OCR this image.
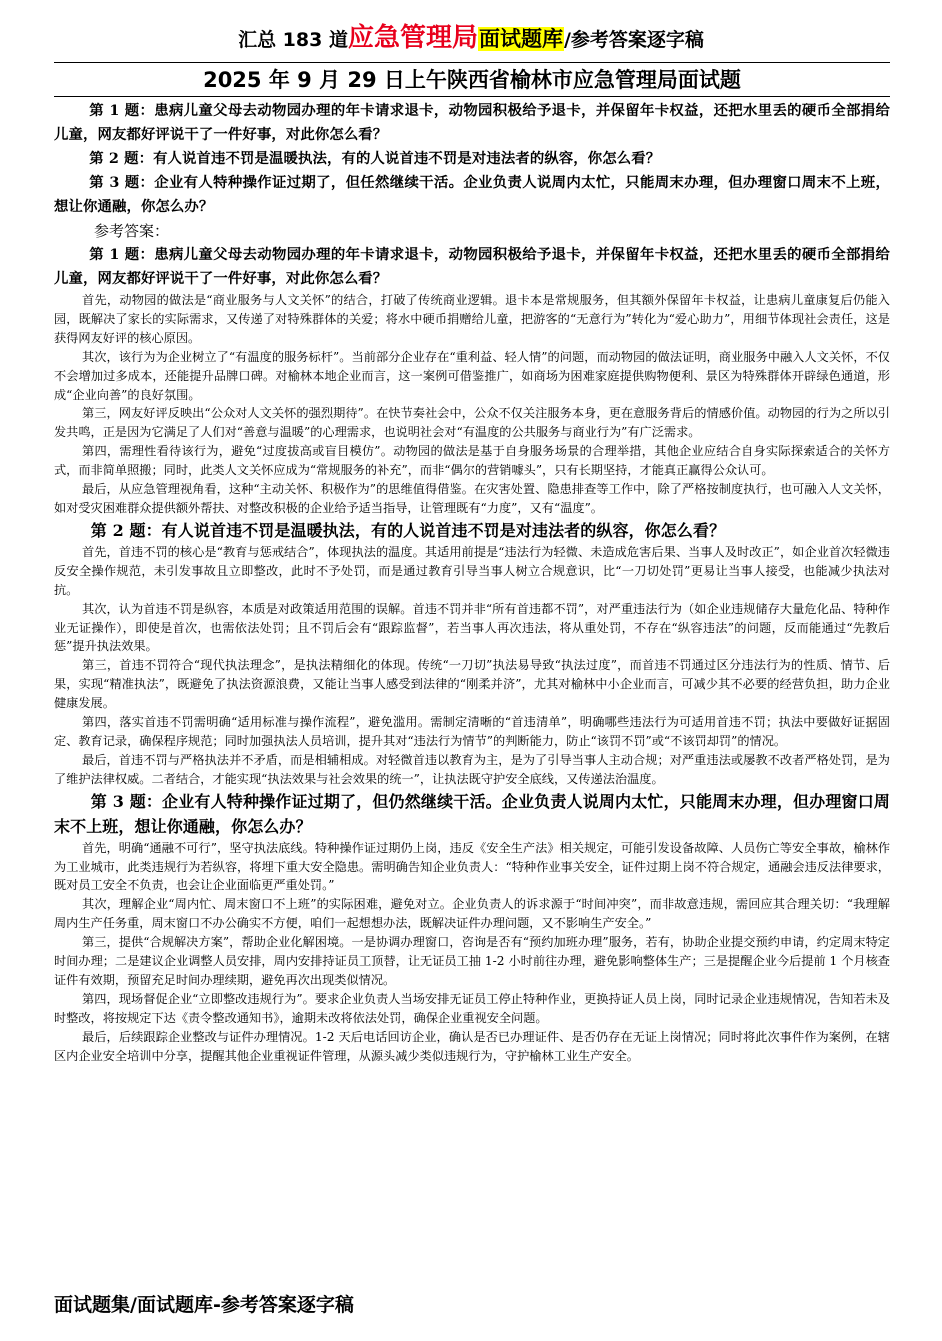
汇总 183 道应急管理局面试题库/参考答案逐字稿
2025 年 9 月 29 日上午陕西省榆林市应急管理局面试题

第 1 题：患病儿童父母去动物园办理的年卡请求退卡，动物园积极给予退卡，并保留年卡权益，还把水里丢的硬币全部捐给儿童，网友都好评说干了一件好事，对此你怎么看？

第 2 题：有人说首违不罚是温暖执法，有的人说首违不罚是对违法者的纵容，你怎么看？

第 3 题：企业有人特种操作证过期了，但任然继续干活。企业负责人说周内太忙，只能周末办理，但办理窗口周末不上班，想让你通融，你怎么办？

参考答案：

第 1 题：患病儿童父母去动物园办理的年卡请求退卡，动物园积极给予退卡，并保留年卡权益，还把水里丢的硬币全部捐给儿童，网友都好评说干了一件好事，对此你怎么看？

首先，动物园的做法是“商业服务与人文关怀”的结合，打破了传统商业逻辑。退卡本是常规服务，但其额外保留年卡权益，让患病儿童康复后仍能入园，既解决了家长的实际需求，又传递了对特殊群体的关爱；将水中硬币捐赠给儿童，把游客的“无意行为”转化为“爱心助力”，用细节体现社会责任，这是获得网友好评的核心原因。

其次，该行为为企业树立了“有温度的服务标杆”。当前部分企业存在“重利益、轻人情”的问题，而动物园的做法证明，商业服务中融入人文关怀，不仅不会增加过多成本，还能提升品牌口碑。对榆林本地企业而言，这一案例可借鉴推广，如商场为困难家庭提供购物便利、景区为特殊群体开辟绿色通道，形成“企业向善”的良好氛围。

第三，网友好评反映出“公众对人文关怀的强烈期待”。在快节奏社会中，公众不仅关注服务本身，更在意服务背后的情感价值。动物园的行为之所以引发共鸣，正是因为它满足了人们对“善意与温暖”的心理需求，也说明社会对“有温度的公共服务与商业行为”有广泛需求。

第四，需理性看待该行为，避免“过度拔高或盲目模仿”。动物园的做法是基于自身服务场景的合理举措，其他企业应结合自身实际探索适合的关怀方式，而非简单照搬；同时，此类人文关怀应成为“常规服务的补充”，而非“偶尔的营销噱头”，只有长期坚持，才能真正赢得公众认可。

最后，从应急管理视角看，这种“主动关怀、积极作为”的思维值得借鉴。在灾害处置、隐患排查等工作中，除了严格按制度执行，也可融入人文关怀，如对受灾困难群众提供额外帮扶、对整改积极的企业给予适当指导，让管理既有“力度”，又有“温度”。

第 2 题：有人说首违不罚是温暖执法，有的人说首违不罚是对违法者的纵容，你怎么看？

首先，首违不罚的核心是“教育与惩戒结合”，体现执法的温度。其适用前提是“违法行为轻微、未造成危害后果、当事人及时改正”，如企业首次轻微违反安全操作规范，未引发事故且立即整改，此时不予处罚，而是通过教育引导当事人树立合规意识，比“一刀切处罚”更易让当事人接受，也能减少执法对抗。

其次，认为首违不罚是纵容，本质是对政策适用范围的误解。首违不罚并非“所有首违都不罚”，对严重违法行为（如企业违规储存大量危化品、特种作业无证操作），即使是首次，也需依法处罚；且不罚后会有“跟踪监督”，若当事人再次违法，将从重处罚，不存在“纵容违法”的问题，反而能通过“先教后惩”提升执法效果。

第三，首违不罚符合“现代执法理念”，是执法精细化的体现。传统“一刀切”执法易导致“执法过度”，而首违不罚通过区分违法行为的性质、情节、后果，实现“精准执法”，既避免了执法资源浪费，又能让当事人感受到法律的“刚柔并济”，尤其对榆林中小企业而言，可减少其不必要的经营负担，助力企业健康发展。

第四，落实首违不罚需明确“适用标准与操作流程”，避免滥用。需制定清晰的“首违清单”，明确哪些违法行为可适用首违不罚；执法中要做好证据固定、教育记录，确保程序规范；同时加强执法人员培训，提升其对“违法行为情节”的判断能力，防止“该罚不罚”或“不该罚却罚”的情况。

最后，首违不罚与严格执法并不矛盾，而是相辅相成。对轻微首违以教育为主，是为了引导当事人主动合规；对严重违法或屡教不改者严格处罚，是为了维护法律权威。二者结合，才能实现“执法效果与社会效果的统一”，让执法既守护安全底线，又传递法治温度。

第 3 题：企业有人特种操作证过期了，但仍然继续干活。企业负责人说周内太忙，只能周末办理，但办理窗口周末不上班，想让你通融，你怎么办？

首先，明确“通融不可行”，坚守执法底线。特种操作证过期仍上岗，违反《安全生产法》相关规定，可能引发设备故障、人员伤亡等安全事故，榆林作为工业城市，此类违规行为若纵容，将埋下重大安全隐患。需明确告知企业负责人：“特种作业事关安全，证件过期上岗不符合规定，通融会违反法律要求，既对员工安全不负责，也会让企业面临更严重处罚。”

其次，理解企业“周内忙、周末窗口不上班”的实际困难，避免对立。企业负责人的诉求源于“时间冲突”，而非故意违规，需回应其合理关切：“我理解周内生产任务重，周末窗口不办公确实不方便，咱们一起想想办法，既解决证件办理问题，又不影响生产安全。”

第三，提供“合规解决方案”，帮助企业化解困境。一是协调办理窗口，咨询是否有“预约加班办理”服务，若有，协助企业提交预约申请，约定周末特定时间办理；二是建议企业调整人员安排，周内安排持证员工顶替，让无证员工抽 1-2 小时前往办理，避免影响整体生产；三是提醒企业今后提前 1 个月核查证件有效期，预留充足时间办理续期，避免再次出现类似情况。

第四，现场督促企业“立即整改违规行为”。要求企业负责人当场安排无证员工停止特种作业，更换持证人员上岗，同时记录企业违规情况，告知若未及时整改，将按规定下达《责令整改通知书》，逾期未改将依法处罚，确保企业重视安全问题。

最后，后续跟踪企业整改与证件办理情况。1-2 天后电话回访企业，确认是否已办理证件、是否仍存在无证上岗情况；同时将此次事件作为案例，在辖区内企业安全培训中分享，提醒其他企业重视证件管理，从源头减少类似违规行为，守护榆林工业生产安全。

面试题集/面试题库-参考答案逐字稿
